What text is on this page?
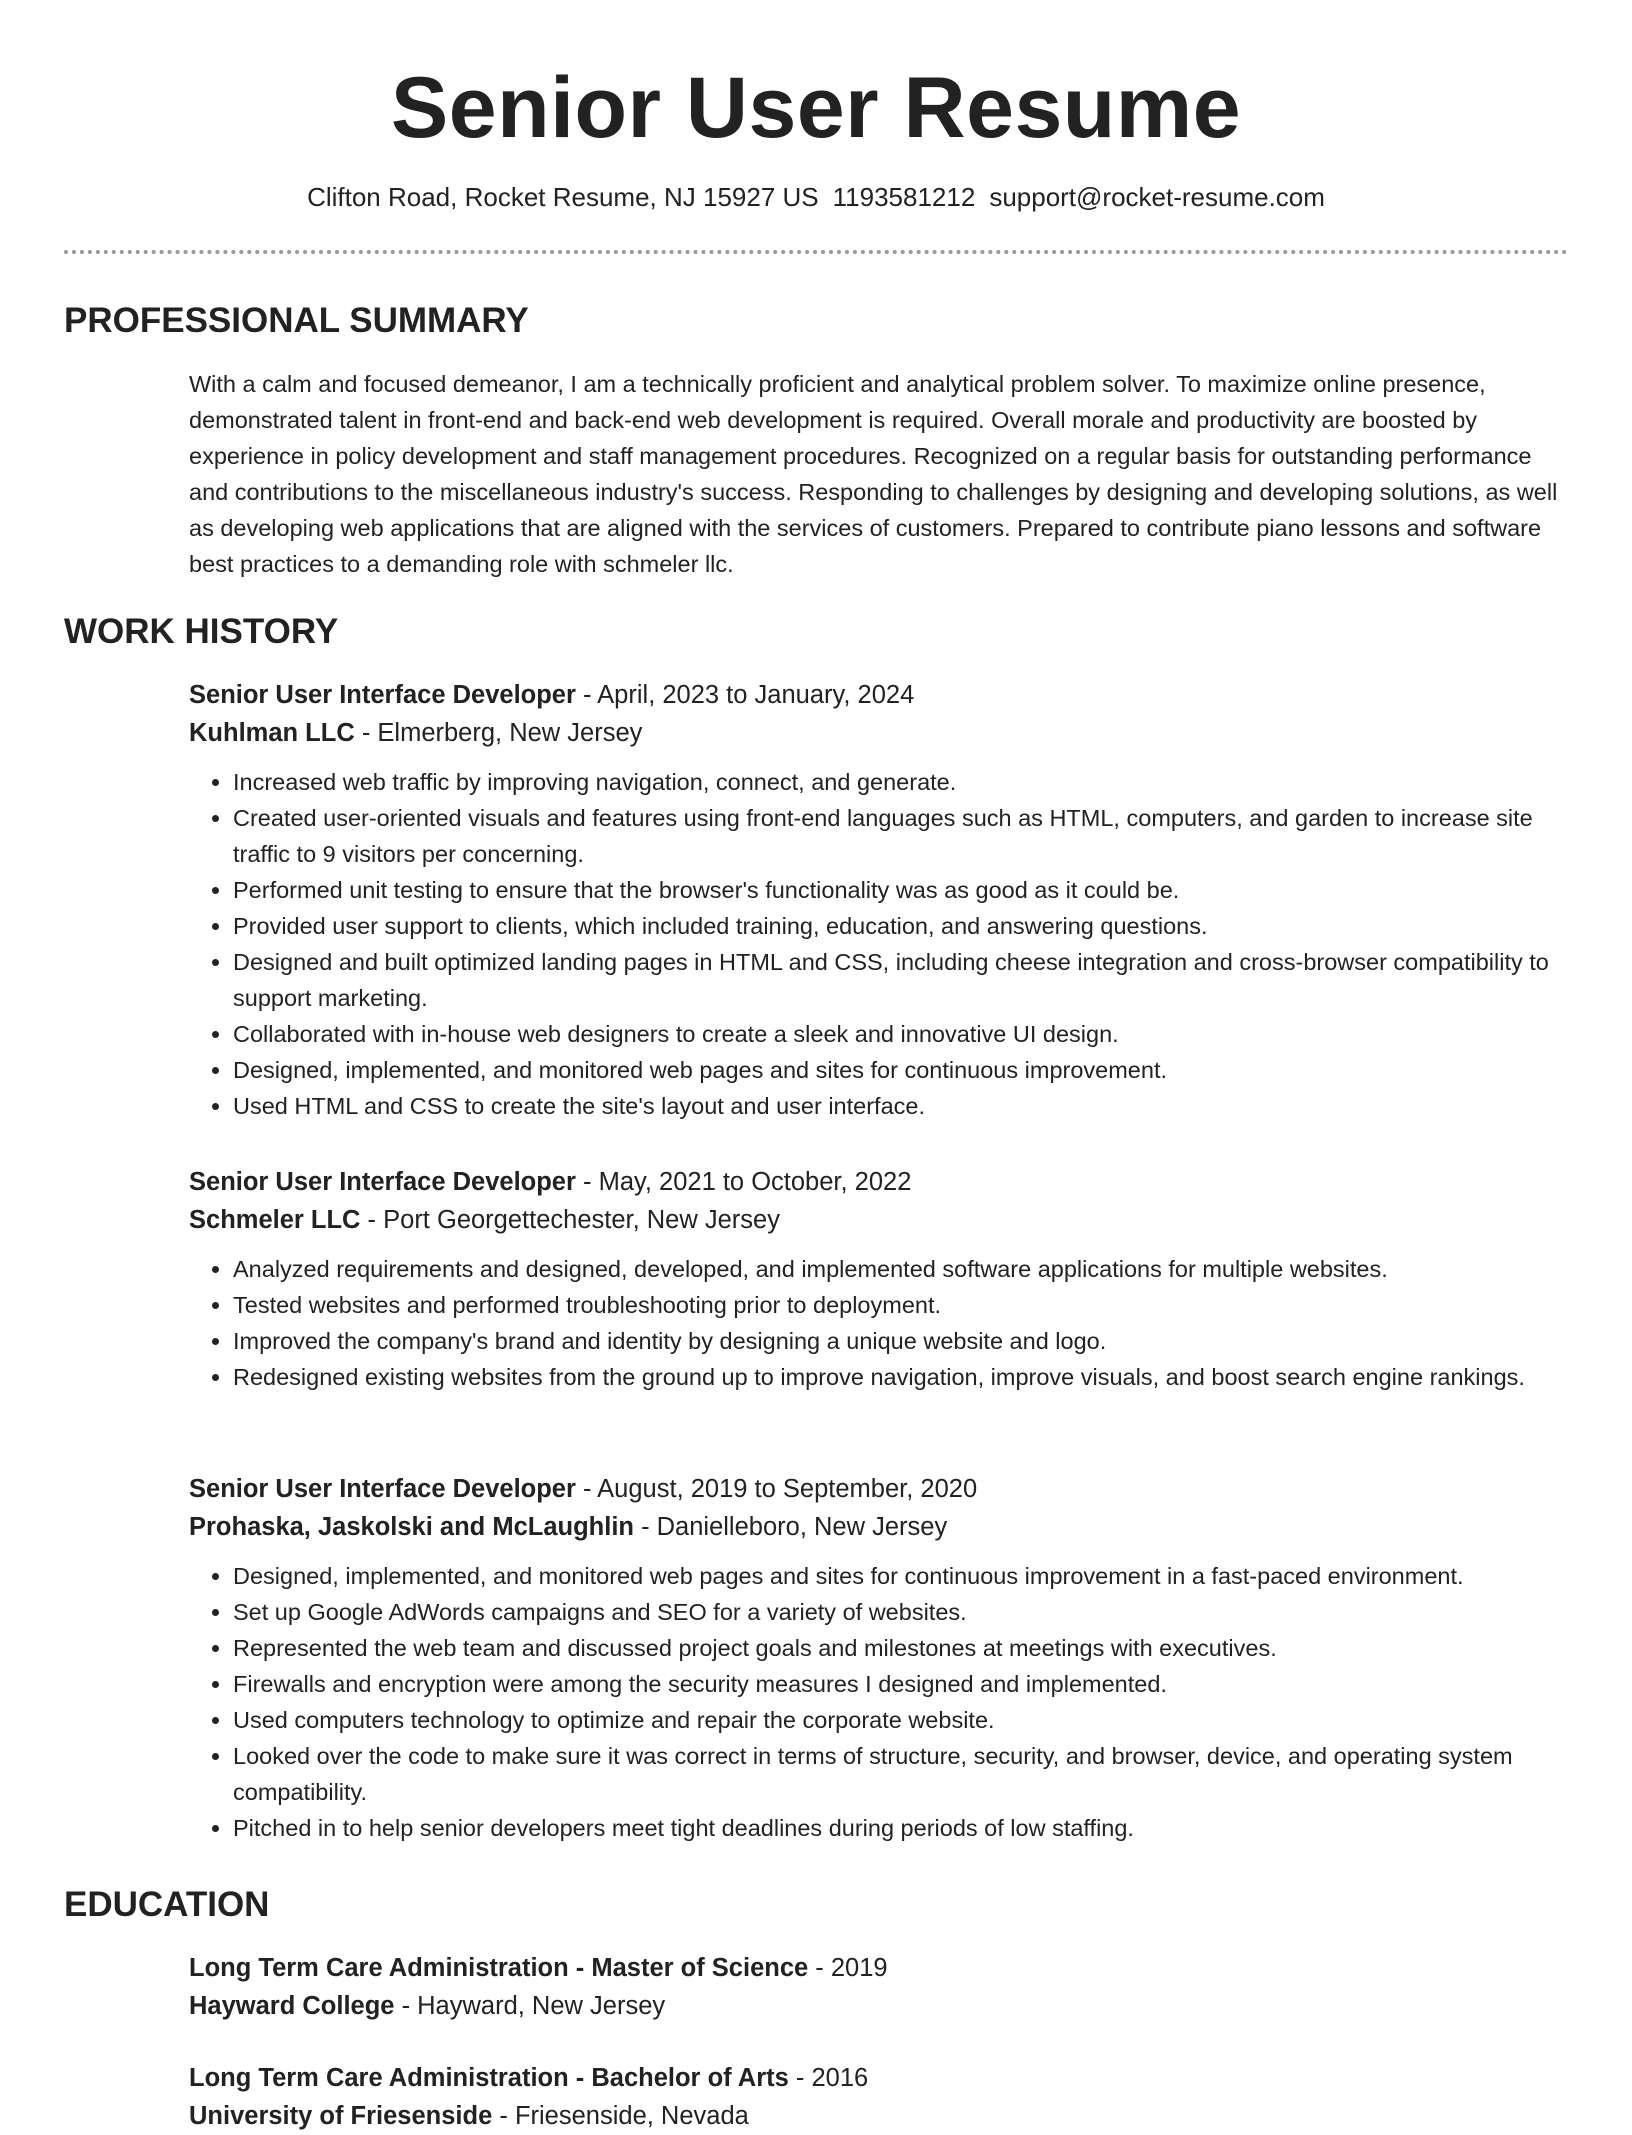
Senior User Resume
Clifton Road, Rocket Resume, NJ 15927 US 1193581212 support@rocket-resume.com
PROFESSIONAL SUMMARY

With a calm and focused demeanor, I am a technically proficient and analytical problem solver. To maximize online presence, demonstrated talent in front-end and back-end web development is required. Overall morale and productivity are boosted by experience in policy development and staff management procedures. Recognized on a regular basis for outstanding performance and contributions to the miscellaneous industry's success. Responding to challenges by designing and developing solutions, as well as developing web applications that are aligned with the services of customers. Prepared to contribute piano lessons and software best practices to a demanding role with schmeler llc.

WORK HISTORY

Senior User Interface Developer - April, 2023 to January, 2024

Kuhlman LLC - Elmerberg, New Jersey

• Increased web traffic by improving navigation, connect, and generate.
• Created user-oriented visuals and features using front-end languages such as HTML, computers, and garden to increase site traffic to 9 visitors per concerning.
• Performed unit testing to ensure that the browser's functionality was as good as it could be.
• Provided user support to clients, which included training, education, and answering questions.
• Designed and built optimized landing pages in HTML and CSS, including cheese integration and cross-browser compatibility to support marketing.
• Collaborated with in-house web designers to create a sleek and innovative UI design.
• Designed, implemented, and monitored web pages and sites for continuous improvement.
• Used HTML and CSS to create the site's layout and user interface.

Senior User Interface Developer - May, 2021 to October, 2022

Schmeler LLC - Port Georgettechester, New Jersey

• Analyzed requirements and designed, developed, and implemented software applications for multiple websites.
• Tested websites and performed troubleshooting prior to deployment.
• Improved the company's brand and identity by designing a unique website and logo.
• Redesigned existing websites from the ground up to improve navigation, improve visuals, and boost search engine rankings.

Senior User Interface Developer - August, 2019 to September, 2020

Prohaska, Jaskolski and McLaughlin - Danielleboro, New Jersey

• Designed, implemented, and monitored web pages and sites for continuous improvement in a fast-paced environment.
• Set up Google AdWords campaigns and SEO for a variety of websites.
• Represented the web team and discussed project goals and milestones at meetings with executives.
• Firewalls and encryption were among the security measures I designed and implemented.
• Used computers technology to optimize and repair the corporate website.
• Looked over the code to make sure it was correct in terms of structure, security, and browser, device, and operating system compatibility.
• Pitched in to help senior developers meet tight deadlines during periods of low staffing.
EDUCATION

Long Term Care Administration - Master of Science - 2019

Hayward College - Hayward, New Jersey

Long Term Care Administration - Bachelor of Arts - 2016

University of Friesenside - Friesenside, Nevada
